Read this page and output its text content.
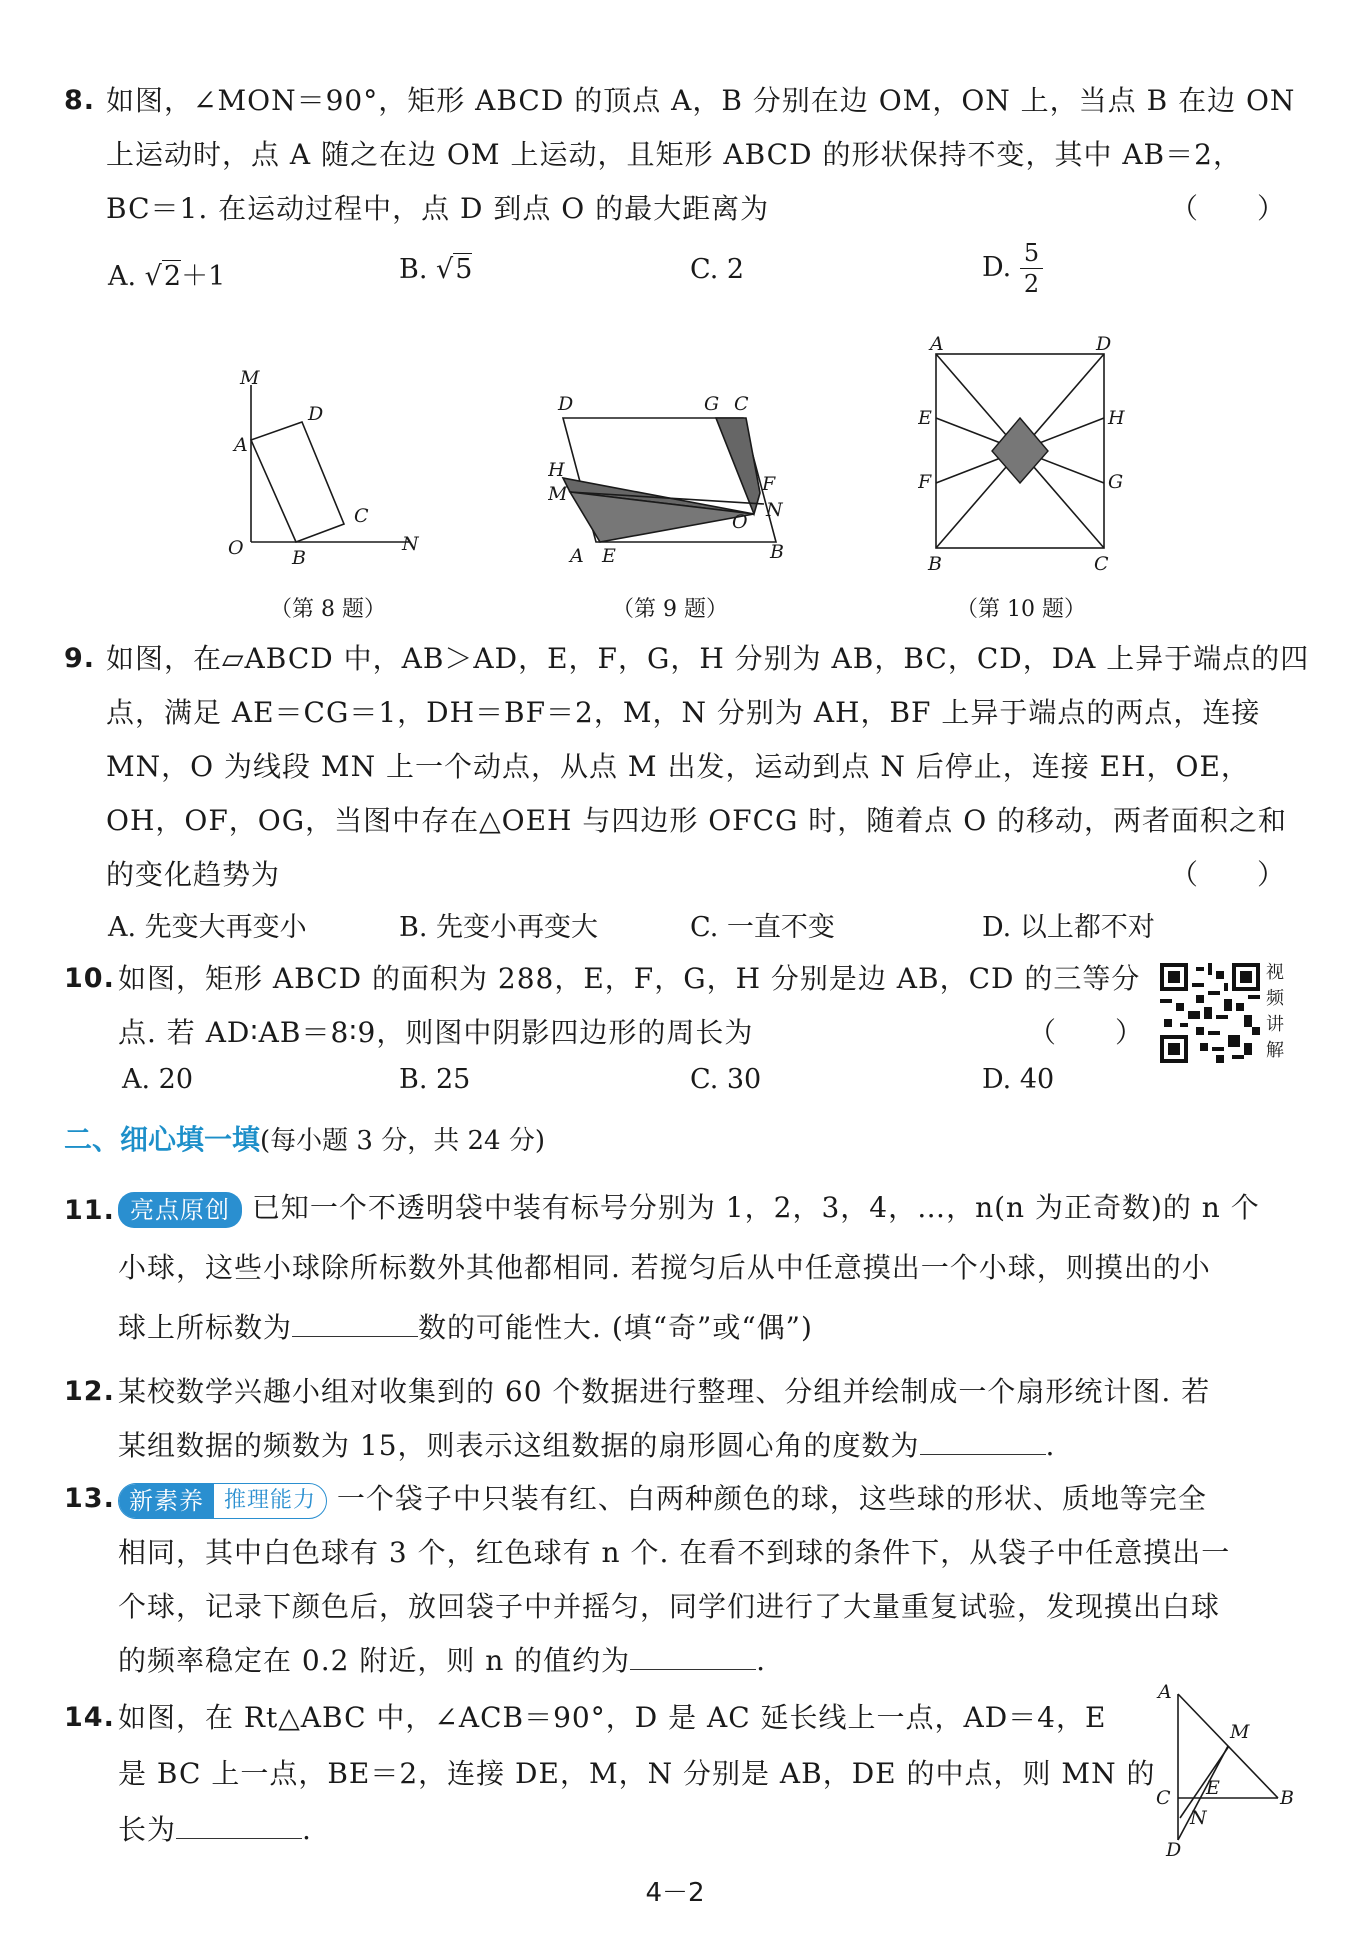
8. 如图，∠MON＝90°，矩形 ABCD 的顶点 A，B 分别在边 OM，ON 上，当点 B 在边 ON
上运动时，点 A 随之在边 OM 上运动，且矩形 ABCD 的形状保持不变，其中 AB＝2，
BC＝1. 在运动过程中，点 D 到点 O 的最大距离为	（　　）
A. √2＋1	B. √5	C. 2	D. $\frac{5}{2}$
M
D
A
C
O	B
N
（第 8 题）
D	G C
H
M	F
N
O
A E	B
（第 9 题）
A	D
E	H
F	G
B	C
（第 10 题）
9. 如图，在▱ABCD 中，AB＞AD，E，F，G，H 分别为 AB，BC，CD，DA 上异于端点的四
点，满足 AE＝CG＝1，DH＝BF＝2，M，N 分别为 AH，BF 上异于端点的两点，连接
MN，O 为线段 MN 上一个动点，从点 M 出发，运动到点 N 后停止，连接 EH，OE，
OH，OF，OG，当图中存在△OEH 与四边形 OFCG 时，随着点 O 的移动，两者面积之和
的变化趋势为	（　　）
A. 先变大再变小	B. 先变小再变大	C. 一直不变	D. 以上都不对
10. 如图，矩形 ABCD 的面积为 288，E，F，G，H 分别是边 AB，CD 的三等分
点. 若 AD∶AB＝8∶9，则图中阴影四边形的周长为	（　　）
A. 20	B. 25	C. 30	D. 40
视
频
讲
解
二、细心填一填(每小题 3 分，共 24 分)
11. 亮点原创 已知一个不透明袋中装有标号分别为 1，2，3，4，…，n(n 为正奇数)的 n 个
小球，这些小球除所标数外其他都相同. 若搅匀后从中任意摸出一个小球，则摸出的小
球上所标数为	数的可能性大. (填“奇”或“偶”)
12. 某校数学兴趣小组对收集到的 60 个数据进行整理、分组并绘制成一个扇形统计图. 若
某组数据的频数为 15，则表示这组数据的扇形圆心角的度数为	.
13. 新素养 推理能力 一个袋子中只装有红、白两种颜色的球，这些球的形状、质地等完全
相同，其中白色球有 3 个，红色球有 n 个. 在看不到球的条件下，从袋子中任意摸出一
个球，记录下颜色后，放回袋子中并摇匀，同学们进行了大量重复试验，发现摸出白球
的频率稳定在 0.2 附近，则 n 的值约为	.
14. 如图，在 Rt△ABC 中，∠ACB＝90°，D 是 AC 延长线上一点，AD＝4，E
是 BC 上一点，BE＝2，连接 DE，M，N 分别是 AB，DE 的中点，则 MN 的
长为	.
A
M
C E	B
N
D
4－2
